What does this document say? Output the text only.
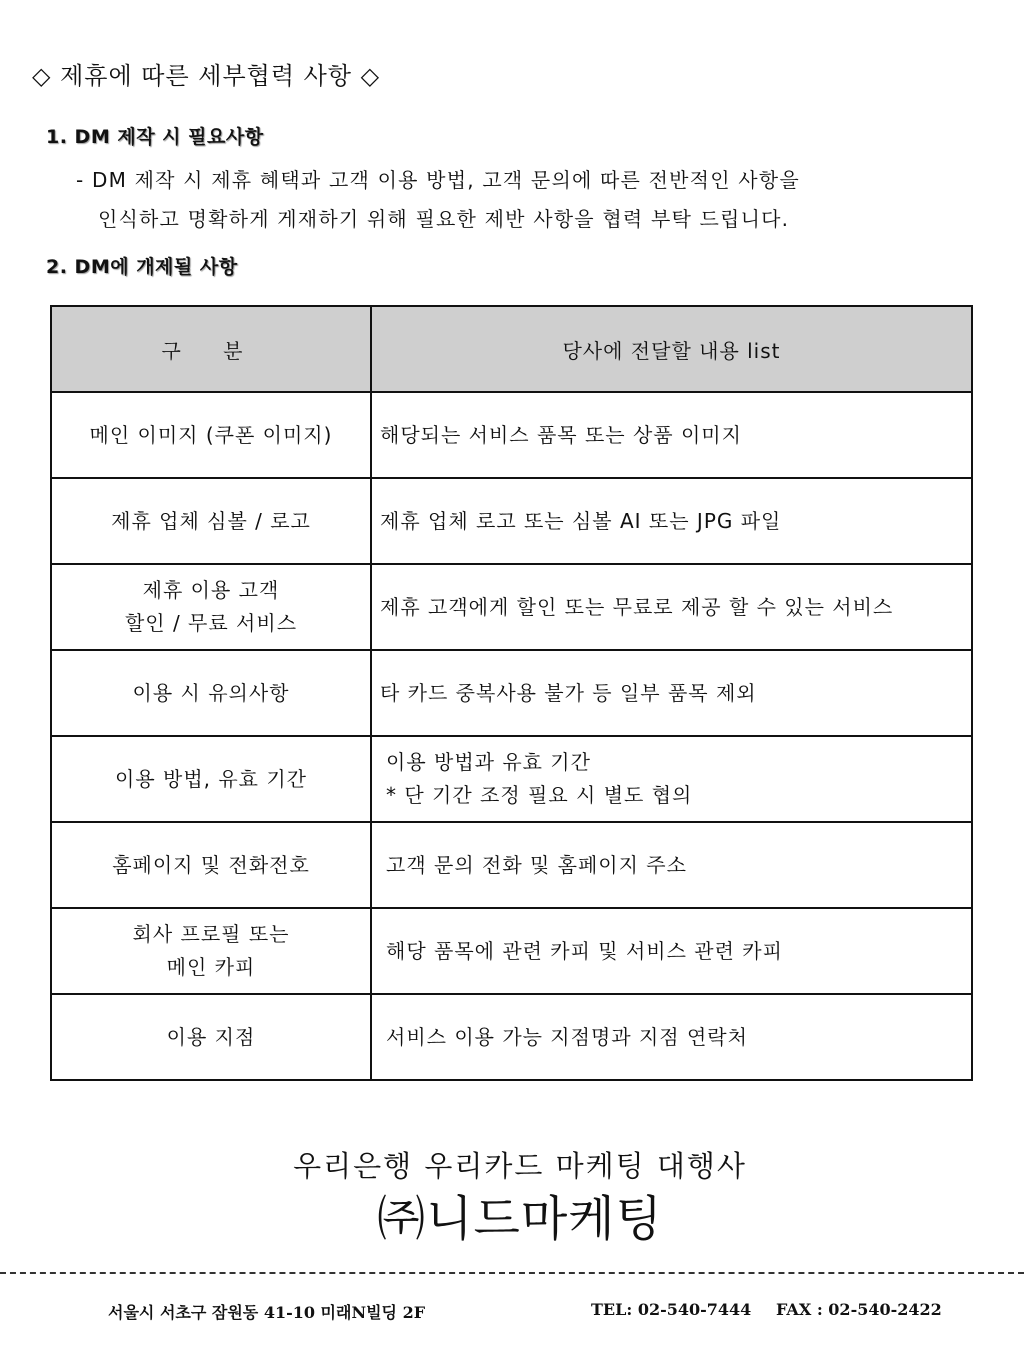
◇ 제휴에 따른 세부협력 사항 ◇
1. DM 제작 시 필요사항
- DM 제작 시 제휴 혜택과 고객 이용 방법, 고객 문의에 따른 전반적인 사항을
인식하고 명확하게 게재하기 위해 필요한 제반 사항을 협력 부탁 드립니다.
2. DM에 개제될 사항
구 분	당사에 전달할 내용 list

메인 이미지 (쿠폰 이미지)	해당되는 서비스 품목 또는 상품 이미지

제휴 업체 심볼 / 로고	제휴 업체 로고 또는 심볼 AI 또는 JPG 파일

제휴 이용 고객
할인 / 무료 서비스	제휴 고객에게 할인 또는 무료로 제공 할 수 있는 서비스

이용 시 유의사항	타 카드 중복사용 불가 등 일부 품목 제외

이용 방법, 유효 기간	이용 방법과 유효 기간
* 단 기간 조정 필요 시 별도 협의

홈페이지 및 전화전호	고객 문의 전화 및 홈페이지 주소

회사 프로필 또는
메인 카피	해당 품목에 관련 카피 및 서비스 관련 카피

이용 지점	서비스 이용 가능 지점명과 지점 연락처
우리은행 우리카드 마케팅 대행사
㈜니드마케팅
서울시 서초구 잠원동 41-10 미래N빌딩 2F	TEL: 02-540-7444 FAX : 02-540-2422
